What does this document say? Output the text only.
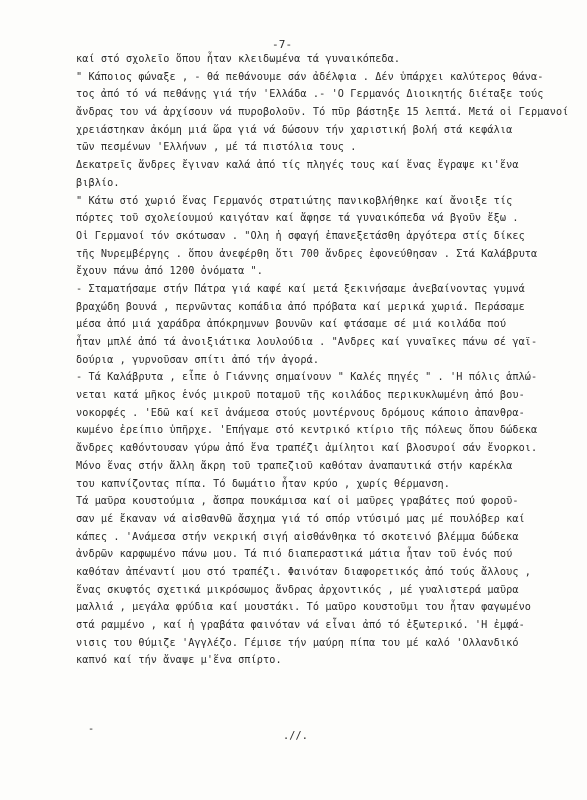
-7-
καί στό σχολεῖο ὅπου ἦταν κλειδωμένα τά γυναικόπεδα.
" Κάποιος φώναξε , - θά πεθάνουμε σάν ἀδέλφια . Δέν ὑπάρχει καλύτερος θάνα-
τος ἀπό τό νά πεθάνῃς γιά τήν 'Ελλάδα .- 'Ο Γερμανός Διοικητής διέταξε τούς
ἄνδρας του νά ἀρχίσουν νά πυροβολοῦν. Τό πῦρ βάστηξε 15 λεπτά. Μετά οἱ Γερμανοί
χρειάστηκαν ἀκόμη μιά ὥρα γιά νά δώσουν τήν χαριστική βολή στά κεφάλια
τῶν πεσμένων 'Ελλήνων , μέ τά πιστόλια τους .
Δεκατρεῖς ἄνδρες ἔγιναν καλά ἀπό τίς πληγές τους καί ἕνας ἔγραψε κι'ἕνα
βιβλίο.
" Κάτω στό χωριό ἕνας Γερμανός στρατιώτης πανικοβλήθηκε καί ἄνοιξε τίς
πόρτες τοῦ σχολείουμού καιγόταν καί ἄφησε τά γυναικόπεδα νά βγοῦν ἔξω .
Οἱ Γερμανοί τόν σκότωσαν . "Ολη ἡ σφαγή ἐπανεξετάσθη ἀργότερα στίς δίκες
τῆς Νυρεμβέργης . ὅπου ἀνεφέρθη ὅτι 700 ἄνδρες ἐφονεύθησαν . Στά Καλάβρυτα
ἔχουν πάνω ἀπό 1200 ὀνόματα ".
- Σταματήσαμε στήν Πάτρα γιά καφέ καί μετά ξεκινήσαμε ἀνεβαίνοντας γυμνά
βραχώδη βουνά , περνῶντας κοπάδια ἀπό πρόβατα καί μερικά χωριά. Περάσαμε
μέσα ἀπό μιά χαράδρα ἀπόκρημνων βουνῶν καί φτάσαμε σέ μιά κοιλάδα πού
ἦταν μπλέ ἀπό τά ἀνοιξιάτικα λουλούδια . "Ανδρες καί γυναῖκες πάνω σέ γαϊ-
δούρια , γυρνοῦσαν σπίτι ἀπό τήν ἀγορά.
- Τά Καλάβρυτα , εἶπε ὁ Γιάννης σημαίνουν " Καλές πηγές " . 'Η πόλις ἁπλώ-
νεται κατά μῆκος ἑνός μικροῦ ποταμοῦ τῆς κοιλάδος περικυκλωμένη ἀπό βου-
νοκορφές . 'Εδῶ καί κεῖ ἀνάμεσα στούς μοντέρνους δρόμους κάποιο ἀπανθρα-
κωμένο ἐρείπιο ὑπῆρχε. 'Επήγαμε στό κεντρικό κτίριο τῆς πόλεως ὅπου δώδεκα
ἄνδρες καθόντουσαν γύρω ἀπό ἕνα τραπέζι ἀμίλητοι καί βλοσυροί σάν ἔνορκοι.
Μόνο ἕνας στήν ἄλλη ἄκρη τοῦ τραπεζιοῦ καθόταν ἀναπαυτικά στήν καρέκλα
του καπνίζοντας πίπα. Τό δωμάτιο ἦταν κρύο , χωρίς θέρμανση.
Τά μαῦρα κουστούμια , ἄσπρα πουκάμισα καί οἱ μαῦρες γραβάτες πού φοροῦ-
σαν μέ ἔκαναν νά αἰσθανθῶ ἄσχημα γιά τό σπόρ ντύσιμό μας μέ πουλόβερ καί
κάπες . 'Ανάμεσα στήν νεκρική σιγή αἰσθάνθηκα τό σκοτεινό βλέμμα δώδεκα
ἀνδρῶν καρφωμένο πάνω μου. Τά πιό διαπεραστικά μάτια ἦταν τοῦ ἑνός πού
καθόταν ἀπέναντί μου στό τραπέζι. Φαινόταν διαφορετικός ἀπό τούς ἄλλους ,
ἕνας σκυφτός σχετικά μικρόσωμος ἄνδρας ἀρχοντικός , μέ γυαλιστερά μαῦρα
μαλλιά , μεγάλα φρύδια καί μουστάκι. Τό μαῦρο κουστοῦμι του ἦταν φαγωμένο
στά ραμμένο , καί ἡ γραβάτα φαινόταν νά εἶναι ἀπό τό ἐξωτερικό. 'Η ἐμφά-
νισις του θύμιζε 'Αγγλέζο. Γέμισε τήν μαύρη πίπα του μέ καλό 'Ολλανδικό
καπνό καί τήν ἄναψε μ'ἕνα σπίρτο.
-
.//.
